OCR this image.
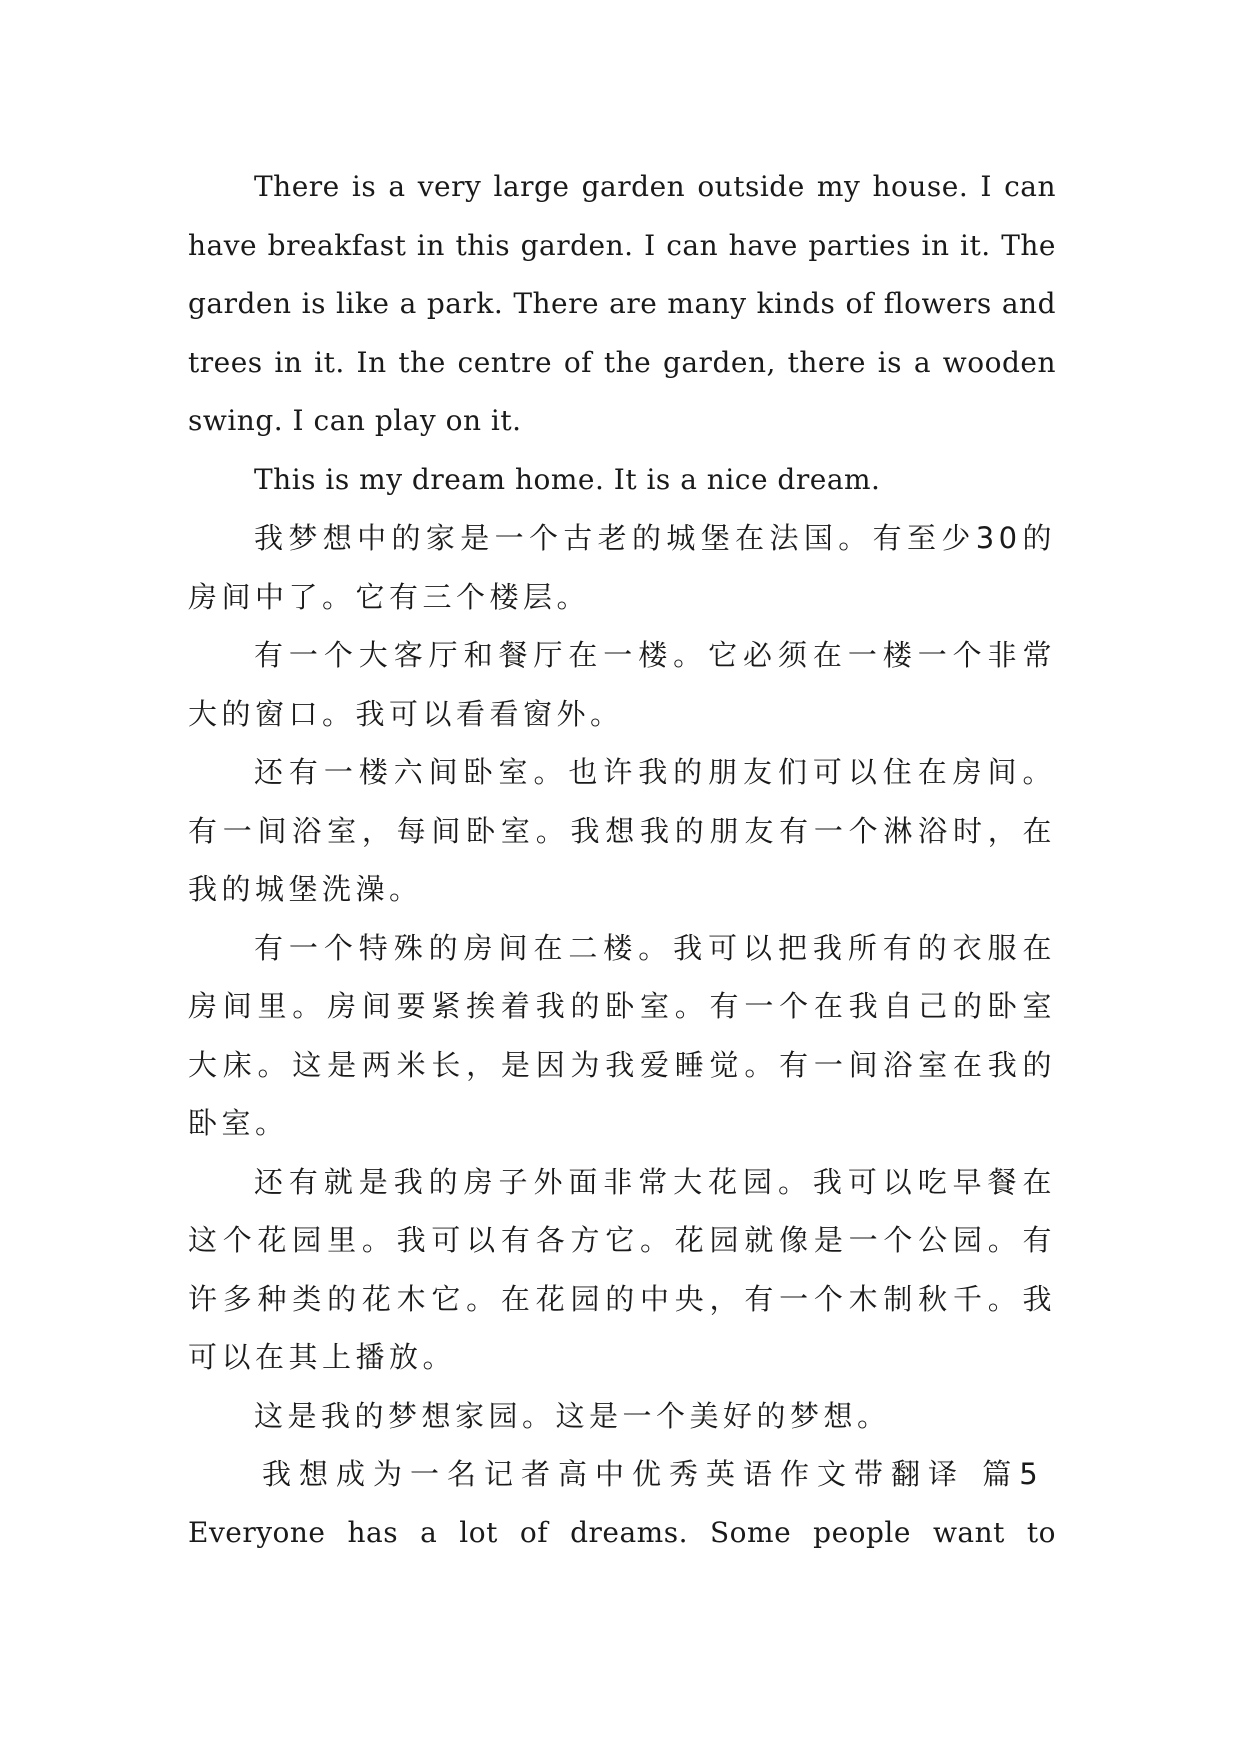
There is a very large garden outside my house. I can have breakfast in this garden. I can have parties in it. The garden is like a park. There are many kinds of flowers and trees in it. In the centre of the garden, there is a wooden swing. I can play on it.

This is my dream home. It is a nice dream.

我梦想中的家是一个古老的城堡在法国。有至少30的房间中了。它有三个楼层。

有一个大客厅和餐厅在一楼。它必须在一楼一个非常大的窗口。我可以看看窗外。

还有一楼六间卧室。也许我的朋友们可以住在房间。有一间浴室，每间卧室。我想我的朋友有一个淋浴时，在我的城堡洗澡。

有一个特殊的房间在二楼。我可以把我所有的衣服在房间里。房间要紧挨着我的卧室。有一个在我自己的卧室大床。这是两米长，是因为我爱睡觉。有一间浴室在我的卧室。

还有就是我的房子外面非常大花园。我可以吃早餐在这个花园里。我可以有各方它。花园就像是一个公园。有许多种类的花木它。在花园的中央，有一个木制秋千。我可以在其上播放。

这是我的梦想家园。这是一个美好的梦想。

我想成为一名记者高中优秀英语作文带翻译 篇5

Everyone has a lot of dreams. Some people want to
